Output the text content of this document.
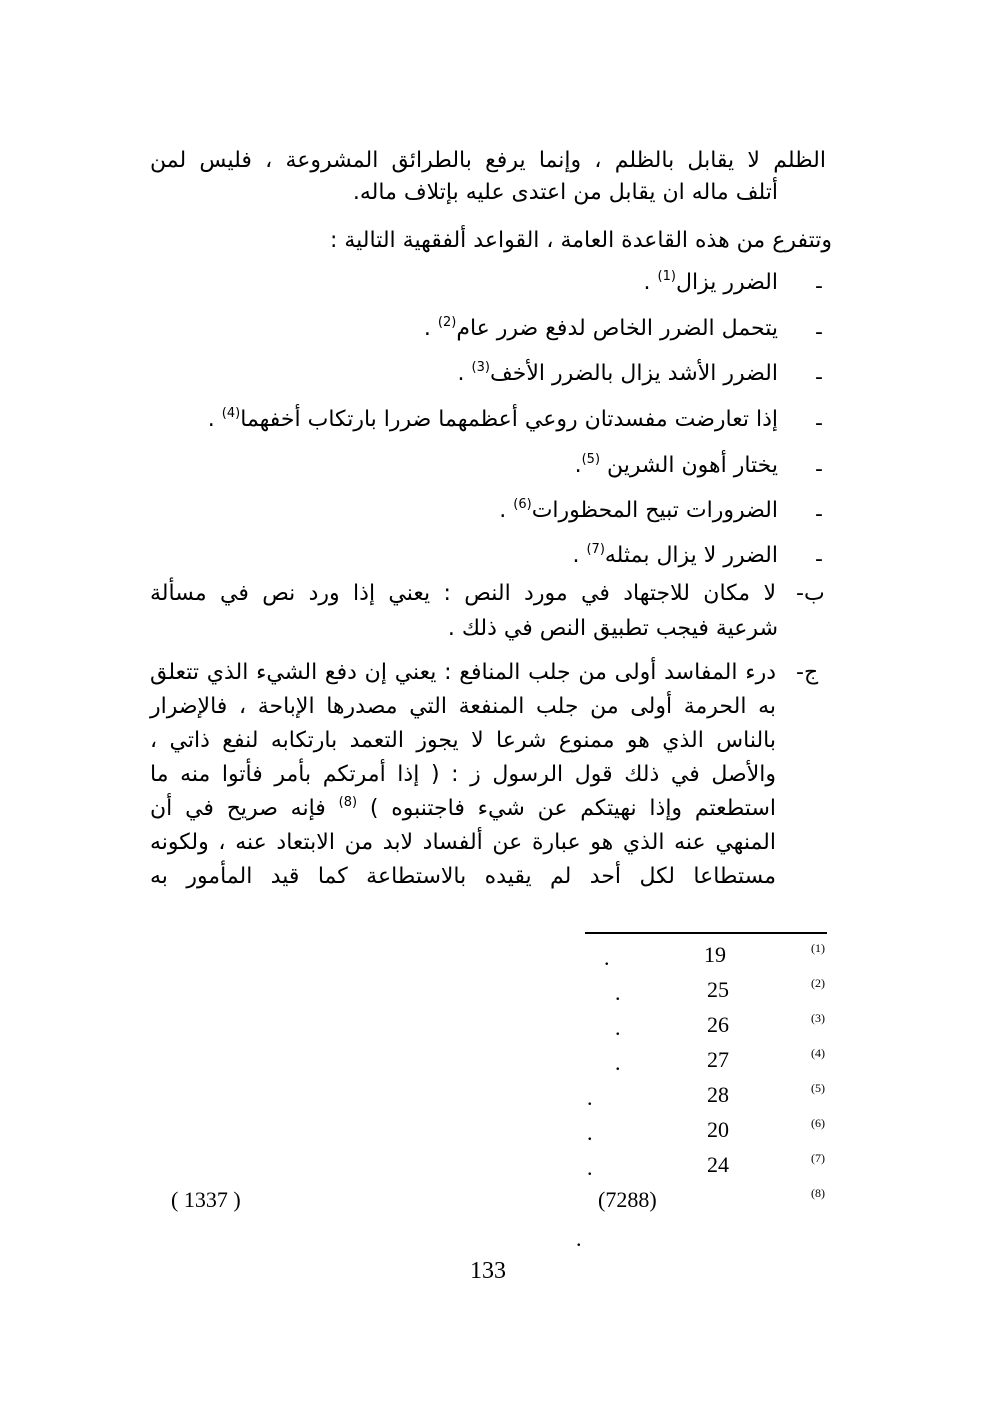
الظلم لا يقابل بالظلم ، وإنما يرفع بالطرائق المشروعة ، فليس لمن
أتلف ماله ان يقابل من اعتدى عليه بإتلاف ماله.
وتتفرع من هذه القاعدة العامة ، القواعد ألفقهية التالية :
-
الضرر يزال$^{(1)}$ .
-
يتحمل الضرر الخاص لدفع ضرر عام$^{(2)}$ .
-
الضرر الأشد يزال بالضرر الأخف$^{(3)}$ .
-
إذا تعارضت مفسدتان روعي أعظمهما ضررا بارتكاب أخفهما$^{(4)}$ .
-
يختار أهون الشرين $^{(5)}$.
-
الضرورات تبيح المحظورات$^{(6)}$ .
-
الضرر لا يزال بمثله$^{(7)}$ .
ب-
لا مكان للاجتهاد في مورد النص : يعني إذا ورد نص في مسألة
شرعية فيجب تطبيق النص في ذلك .
ج-
درء المفاسد أولى من جلب المنافع : يعني إن دفع الشيء الذي تتعلق
به الحرمة أولى من جلب المنفعة التي مصدرها الإباحة ، فالإضرار
بالناس الذي هو ممنوع شرعا لا يجوز التعمد بارتكابه لنفع ذاتي ،
والأصل في ذلك قول الرسول ز : ( إذا أمرتكم بأمر فأتوا منه ما
استطعتم وإذا نهيتكم عن شيء فاجتنبوه ) $^{(8)}$ فإنه صريح في أن
المنهي عنه الذي هو عبارة عن ألفساد لابد من الابتعاد عنه ، ولكونه
مستطاعا لكل أحد لم يقيده بالاستطاعة كما قيد المأمور به
(1)
19
.
(2)
25
.
(3)
26
.
(4)
27
.
(5)
28
.
(6)
20
.
(7)
24
.
(8)
(7288)
( 1337 )
.
133
